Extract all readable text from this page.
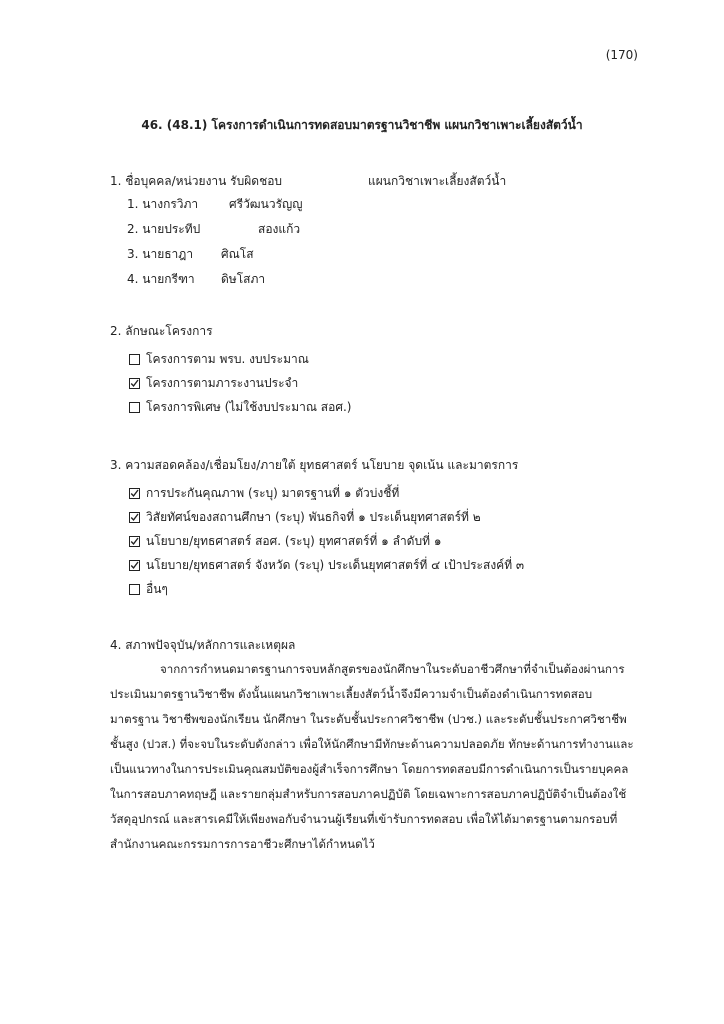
(170)
46. (48.1) โครงการดำเนินการทดสอบมาตรฐานวิชาชีพ แผนกวิชาเพาะเลี้ยงสัตว์น้ำ
1. ชื่อบุคคล/หน่วยงาน รับผิดชอบ	แผนกวิชาเพาะเลี้ยงสัตว์น้ำ
1. นางกรวิภา	ศรีวัฒนวรัญญู
2. นายประทีป	สองแก้ว
3. นายธาฎา ศิณโส
4. นายกรีฑา ดิษโสภา
2. ลักษณะโครงการ
โครงการตาม พรบ. งบประมาณ
โครงการตามภาระงานประจำ
โครงการพิเศษ (ไม่ใช้งบประมาณ สอศ.)
3. ความสอดคล้อง/เชื่อมโยง/ภายใต้ ยุทธศาสตร์ นโยบาย จุดเน้น และมาตรการ
การประกันคุณภาพ (ระบุ) มาตรฐานที่ ๑ ตัวบ่งชี้ที่
วิสัยทัศน์ของสถานศึกษา (ระบุ) พันธกิจที่ ๑ ประเด็นยุทศาสตร์ที่ ๒
นโยบาย/ยุทธศาสตร์ สอศ. (ระบุ) ยุทศาสตร์ที่ ๑ ลำดับที่ ๑
นโยบาย/ยุทธศาสตร์ จังหวัด (ระบุ) ประเด็นยุทศาสตร์ที่ ๔ เป้าประสงค์ที่ ๓
อื่นๆ
4. สภาพปัจจุบัน/หลักการและเหตุผล
จากการกำหนดมาตรฐานการจบหลักสูตรของนักศึกษาในระดับอาชีวศึกษาที่จำเป็นต้องผ่านการประเมินมาตรฐานวิชาชีพ ดังนั้นแผนกวิชาเพาะเลี้ยงสัตว์น้ำจึงมีความจำเป็นต้องดำเนินการทดสอบมาตรฐาน วิชาชีพของนักเรียน นักศึกษา ในระดับชั้นประกาศวิชาชีพ (ปวช.) และระดับชั้นประกาศวิชาชีพชั้นสูง (ปวส.) ที่จะจบในระดับดังกล่าว เพื่อให้นักศึกษามีทักษะด้านความปลอดภัย ทักษะด้านการทำงานและเป็นแนวทางในการประเมินคุณสมบัติของผู้สำเร็จการศึกษา โดยการทดสอบมีการดำเนินการเป็นรายบุคคลในการสอบภาคทฤษฎี และรายกลุ่มสำหรับการสอบภาคปฏิบัติ โดยเฉพาะการสอบภาคปฏิบัติจำเป็นต้องใช้วัสดุอุปกรณ์ และสารเคมีให้เพียงพอกับจำนวนผู้เรียนที่เข้ารับการทดสอบ เพื่อให้ได้มาตรฐานตามกรอบที่สำนักงานคณะกรรมการการอาชีวะศึกษาได้กำหนดไว้
